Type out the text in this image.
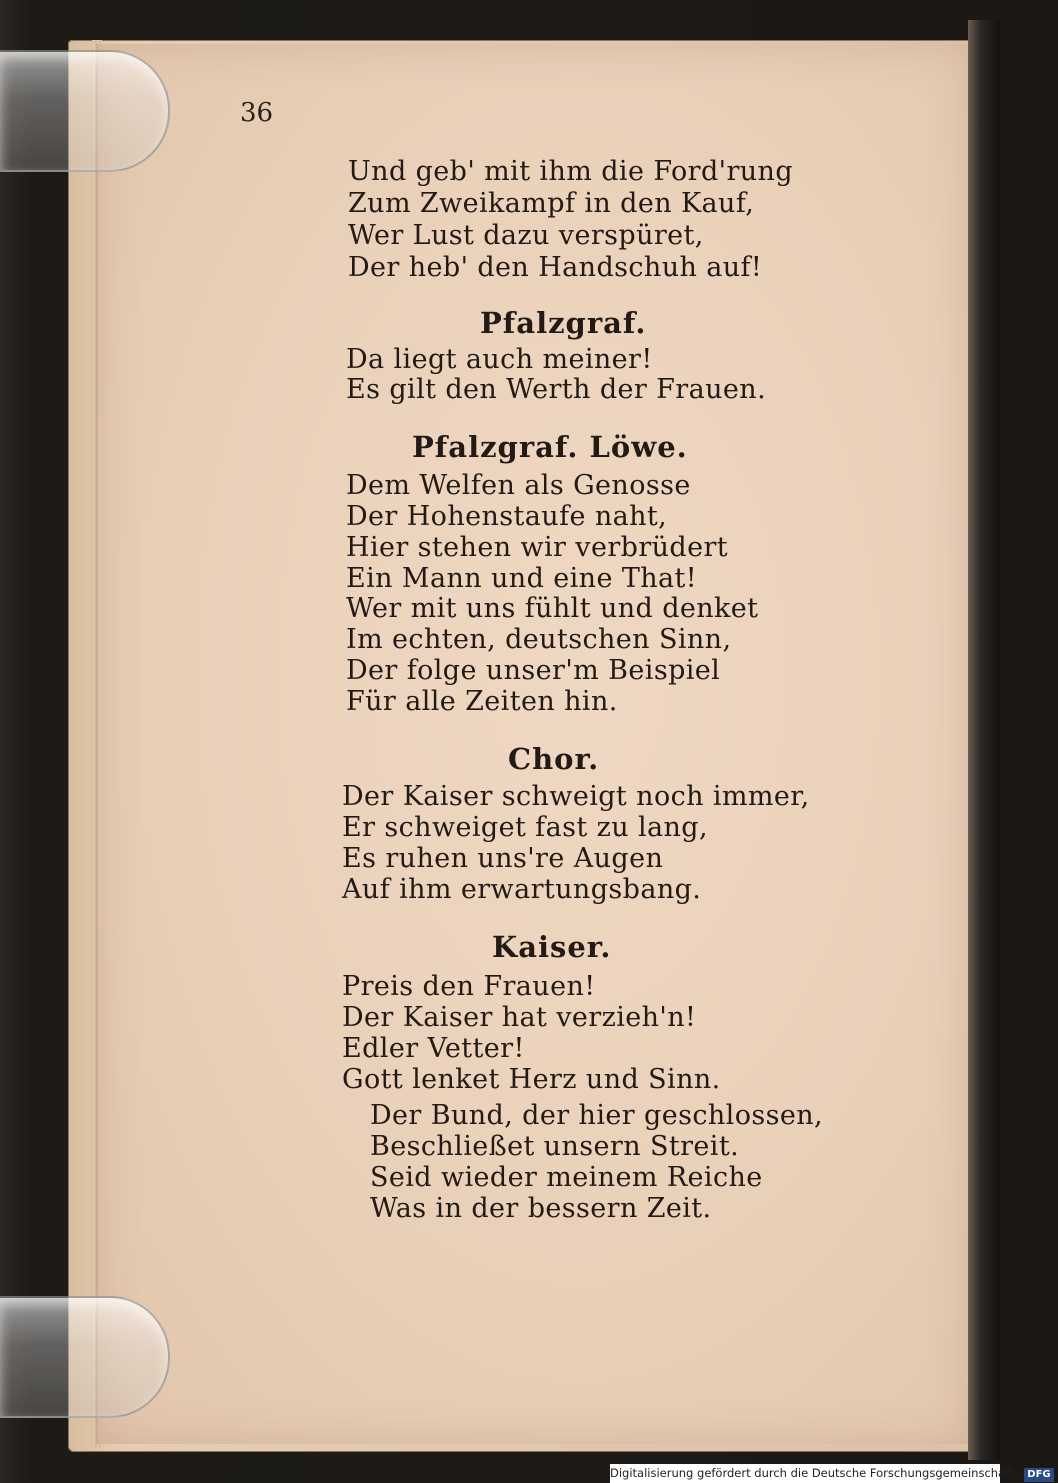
36
Und geb' mit ihm die Ford'rung
Zum Zweikampf in den Kauf,
Wer Lust dazu verspüret,
Der heb' den Handschuh auf!
Pfalzgraf.
Da liegt auch meiner!
Es gilt den Werth der Frauen.
Pfalzgraf. Löwe.
Dem Welfen als Genosse
Der Hohenstaufe naht,
Hier stehen wir verbrüdert
Ein Mann und eine That!
Wer mit uns fühlt und denket
Im echten, deutschen Sinn,
Der folge unser'm Beispiel
Für alle Zeiten hin.
Chor.
Der Kaiser schweigt noch immer,
Er schweiget fast zu lang,
Es ruhen uns're Augen
Auf ihm erwartungsbang.
Kaiser.
Preis den Frauen!
Der Kaiser hat verzieh'n!
Edler Vetter!
Gott lenket Herz und Sinn.
Der Bund, der hier geschlossen,
Beschließet unsern Streit.
Seid wieder meinem Reiche
Was in der bessern Zeit.
Digitalisierung gefördert durch die Deutsche Forschungsgemeinschaft - DFG
